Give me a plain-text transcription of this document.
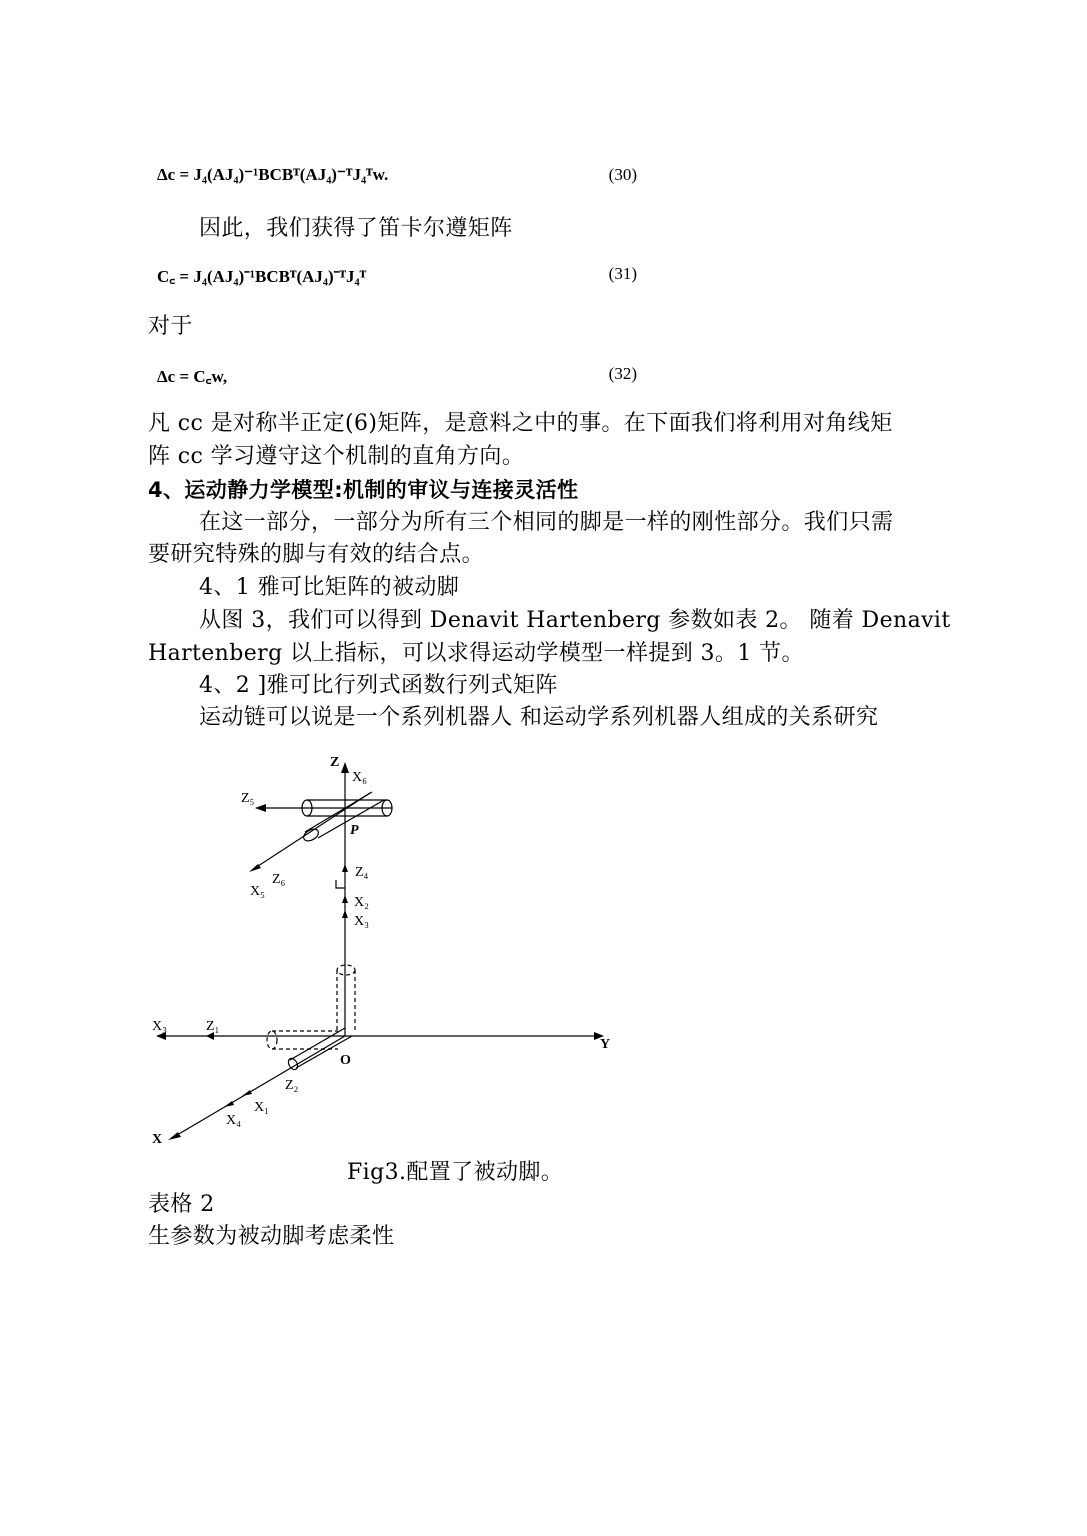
Δc = J₄(AJ₄)⁻¹BCBᵀ(AJ₄)⁻ᵀJ₄ᵀw.	(30)
因此，我们获得了笛卡尔遵矩阵
C꜀ = J₄(AJ₄)⁻¹BCBᵀ(AJ₄)⁻ᵀJ₄ᵀ	(31)
对于
Δc = C꜀w,	(32)
凡 cc 是对称半正定(6)矩阵，是意料之中的事。在下面我们将利用对角线矩
阵 cc 学习遵守这个机制的直角方向。
4、运动静力学模型:机制的审议与连接灵活性
在这一部分，一部分为所有三个相同的脚是一样的刚性部分。我们只需
要研究特殊的脚与有效的结合点。
4、1 雅可比矩阵的被动脚
从图 3，我们可以得到 Denavit Hartenberg 参数如表 2。 随着 Denavit
Hartenberg 以上指标，可以求得运动学模型一样提到 3。1 节。
4、2 ]雅可比行列式函数行列式矩阵
运动链可以说是一个系列机器人 和运动学系列机器人组成的关系研究
Z
X₆
Z₅
P
Z₆
X₅
Z₄
X₂
X₃
X₃	Z₁
Y
O
Z₂
X₁
X₄
X
Fig3.配置了被动脚。
表格 2
生参数为被动脚考虑柔性
